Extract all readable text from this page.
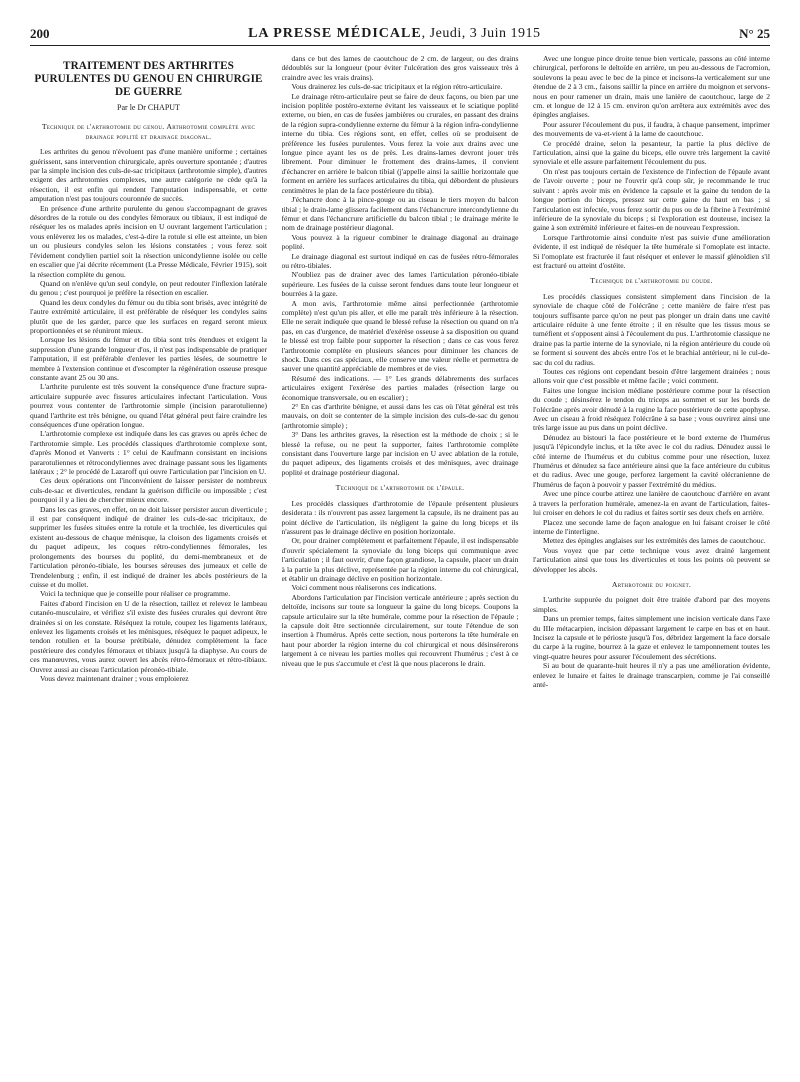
200	LA PRESSE MÉDICALE, Jeudi, 3 Juin 1915	N° 25
TRAITEMENT DES ARTHRITES PURULENTES DU GENOU EN CHIRURGIE DE GUERRE
Par le Dr CHAPUT
Technique de l'arthrotomie du genou. Arthrotomie complète avec drainage poplité et drainage diagonal.

Les arthrites du genou n'évoluent pas d'une manière uniforme ; certaines guérissent, sans intervention chirurgicale, après ouverture spontanée ; d'autres par la simple incision des culs-de-sac tricipitaux (arthrotomie simple), d'autres exigent des arthrotomies complexes, une autre catégorie ne cède qu'à la résection, il est enfin qui rendent l'amputation indispensable, et cette amputation n'est pas toujours couronnée de succès.

En présence d'une arthrite purulente du genou s'accompagnant de graves désordres de la rotule ou des condyles fémoraux ou tibiaux, il est indiqué de réséquer les os malades après incision en U ouvrant largement l'articulation ; vous enlèverez les os malades, c'est-à-dire la rotule si elle est atteinte, un bien un ou plusieurs condyles selon les lésions constatées ; vous ferez soit l'évidement condylien partiel soit la résection unicondylienne isolée ou celle en escalier que j'ai décrite récemment (La Presse Médicale, Février 1915), soit la résection complète du genou.

Quand on n'enlève qu'un seul condyle, on peut redouter l'inflexion latérale du genou ; c'est pourquoi je préfère la résection en escalier.

Quand les deux condyles du fémur ou du tibia sont brisés, avec intégrité de l'autre extrémité articulaire, il est préférable de réséquer les condyles sains plutôt que de les garder, parce que les surfaces en regard seront mieux proportionnées et se réuniront mieux.

Lorsque les lésions du fémur et du tibia sont très étendues et exigent la suppression d'une grande longueur d'os, il n'est pas indispensable de pratiquer l'amputation, il est préférable d'enlever les parties lésées, de soumettre le membre à l'extension continue et d'escompter la régénération osseuse presque constante avant 25 ou 30 ans.

L'arthrite purulente est très souvent la conséquence d'une fracture supra-articulaire suppurée avec fissures articulaires infectant l'articulation. Vous pourrez vous contenter de l'arthrotomie simple (incision pararotulienne) quand l'arthrite est très bénigne, ou quand l'état général peut faire craindre les conséquences d'une opération longue.

L'arthrotomie complexe est indiquée dans les cas graves ou après échec de l'arthrotomie simple. Les procédés classiques d'arthrotomie complexe sont, d'après Monod et Vanverts : 1° celui de Kaufmann consistant en incisions pararotuliennes et rétrocondyliennes avec drainage passant sous les ligaments latéraux ; 2° le procédé de Lazaroff qui ouvre l'articulation par l'incision en U.

Ces deux opérations ont l'inconvénient de laisser persister de nombreux culs-de-sac et diverticules, rendant la guérison difficile ou impossible ; c'est pourquoi il y a lieu de chercher mieux encore.

Dans les cas graves, en effet, on ne doit laisser persister aucun diverticule ; il est par conséquent indiqué de drainer les culs-de-sac tricipitaux, de supprimer les fusées situées entre la rotule et la trochlée, les diverticules qui existent au-dessous de chaque ménisque, la cloison des ligaments croisés et du paquet adipeux, les coques rétro-condyliennes fémorales, les prolongements des bourses du poplité, du demi-membraneux et de l'articulation péronéo-tibiale, les bourses séreuses des jumeaux et celle de Trendelenburg ; enfin, il est indiqué de drainer les abcès postérieurs de la cuisse et du mollet.

Voici la technique que je conseille pour réaliser ce programme.

Faites d'abord l'incision en U de la résection, taillez et relevez le lambeau cutanéo-musculaire, et vérifiez s'il existe des fusées crurales qui devront être drainées si on les constate. Réséquez la rotule, coupez les ligaments latéraux, enlevez les ligaments croisés et les ménisques, réséquez le paquet adipeux, le tendon rotulien et la bourse prétibiale, dénudez complètement la face postérieure des condyles fémoraux et tibiaux jusqu'à la diaphyse. Au cours de ces manœuvres, vous aurez ouvert les abcès rétro-fémoraux et rétro-tibiaux. Ouvrez aussi au ciseau l'articulation péronéo-tibiale.

Vous devez maintenant drainer ; vous emploierez

dans ce but des lames de caoutchouc de 2 cm. de largeur, ou des drains dédoublés sur la longueur (pour éviter l'ulcération des gros vaisseaux très à craindre avec les vrais drains).

Vous drainerez les culs-de-sac tricipitaux et la région rétro-articulaire.

Le drainage rétro-articulaire peut se faire de deux façons, ou bien par une incision poplitée postéro-externe évitant les vaisseaux et le sciatique poplité externe, ou bien, en cas de fusées jambières ou crurales, en passant des drains de la région supra-condylienne externe du fémur à la région infra-condylienne interne du tibia. Ces régions sont, en effet, celles où se produisent de préférence les fusées purulentes. Vous ferez la voie aux drains avec une longue pince ayant les os de près. Les drains-lames devront jouer très librement. Pour diminuer le frottement des drains-lames, il convient d'échancrer en arrière le balcon tibial (j'appelle ainsi la saillie horizontale que forment en arrière les surfaces articulaires du tibia, qui débordent de plusieurs centimètres le plan de la face postérieure du tibia).

J'échancre donc à la pince-gouge ou au ciseau le tiers moyen du balcon tibial ; le drain-lame glissera facilement dans l'échancrure intercondylienne du fémur et dans l'échancrure artificielle du balcon tibial ; le drainage mérite le nom de drainage postérieur diagonal.

Vous pouvez à la rigueur combiner le drainage diagonal au drainage poplité.

Le drainage diagonal est surtout indiqué en cas de fusées rétro-fémorales ou rétro-tibiales.

N'oubliez pas de drainer avec des lames l'articulation péronéo-tibiale supérieure. Les fusées de la cuisse seront fendues dans toute leur longueur et bourrées à la gaze.

A mon avis, l'arthrotomie même ainsi perfectionnée (arthrotomie complète) n'est qu'un pis aller, et elle me paraît très inférieure à la résection. Elle ne serait indiquée que quand le blessé refuse la résection ou quand on n'a pas, en cas d'urgence, de matériel d'exérèse osseuse à sa disposition ou quand le blessé est trop faible pour supporter la résection ; dans ce cas vous ferez l'arthrotomie complète en plusieurs séances pour diminuer les chances de shock. Dans ces cas spéciaux, elle conserve une valeur réelle et permettra de sauver une quantité appréciable de membres et de vies.

Résumé des indications. — 1° Les grands délabrements des surfaces articulaires exigent l'exérèse des parties malades (résection large ou économique transversale, ou en escalier) ;

2° En cas d'arthrite bénigne, et aussi dans les cas où l'état général est très mauvais, on doit se contenter de la simple incision des culs-de-sac du genou (arthrotomie simple) ;

3° Dans les arthrites graves, la résection est la méthode de choix ; si le blessé la refuse, ou ne peut la supporter, faites l'arthrotomie complète consistant dans l'ouverture large par incision en U avec ablation de la rotule, du paquet adipeux, des ligaments croisés et des ménisques, avec drainage poplité et drainage postérieur diagonal.

Technique de l'arthrotomie de l'épaule.

Les procédés classiques d'arthrotomie de l'épaule présentent plusieurs desiderata : ils n'ouvrent pas assez largement la capsule, ils ne drainent pas au point déclive de l'articulation, ils négligent la gaine du long biceps et ils n'assurent pas le drainage déclive en position horizontale.

Or, pour drainer complètement et parfaitement l'épaule, il est indispensable d'ouvrir spécialement la synoviale du long biceps qui communique avec l'articulation ; il faut ouvrir, d'une façon grandiose, la capsule, placer un drain à la partie la plus déclive, représentée par la région interne du col chirurgical, et établir un drainage déclive en position horizontale.

Voici comment nous réaliserons ces indications.

Abordons l'articulation par l'incision verticale antérieure ; après section du deltoïde, incisons sur toute sa longueur la gaine du long biceps. Coupons la capsule articulaire sur la tête humérale, comme pour la résection de l'épaule ; la capsule doit être sectionnée circulairement, sur toute l'étendue de son insertion à l'humérus. Après cette section, nous porterons la tête humérale en haut pour aborder la région interne du col chirurgical et nous désinsérerons largement à ce niveau les parties molles qui recouvrent l'humérus ; c'est à ce niveau que le pus s'accumule et c'est là que nous placerons le drain.

Avec une longue pince droite tenue bien verticale, passons au côté interne chirurgical, perforons le deltoïde en arrière, un peu au-dessous de l'acromion, soulevons la peau avec le bec de la pince et incisons-la verticalement sur une étendue de 2 à 3 cm., faisons saillir la pince en arrière du moignon et servons-nous en pour ramener un drain, mais une lanière de caoutchouc, large de 2 cm. et longue de 12 à 15 cm. environ qu'on arrêtera aux extrémités avec des épingles anglaises.

Pour assurer l'écoulement du pus, il faudra, à chaque pansement, imprimer des mouvements de va-et-vient à la lame de caoutchouc.

Ce procédé draine, selon la pesanteur, la partie la plus déclive de l'articulation, ainsi que la gaine du biceps, elle ouvre très largement la cavité synoviale et elle assure parfaitement l'écoulement du pus.

On n'est pas toujours certain de l'existence de l'infection de l'épaule avant de l'avoir ouverte ; pour ne l'ouvrir qu'à coup sûr, je recommande le truc suivant : après avoir mis en évidence la capsule et la gaine du tendon de la longue portion du biceps, pressez sur cette gaine du haut en bas ; si l'articulation est infectée, vous ferez sortir du pus ou de la fibrine à l'extrémité inférieure de la synoviale du biceps ; si l'exploration est douteuse, incisez la gaine à son extrémité inférieure et faites-en de nouveau l'expression.

Lorsque l'arthrotomie ainsi conduite n'est pas suivie d'une amélioration évidente, il est indiqué de réséquer la tête humérale si l'omoplate est intacte. Si l'omoplate est fracturée il faut réséquer et enlever le massif glénoïdien s'il est fracturé ou atteint d'ostéite.

Technique de l'arthrotomie du coude.

Les procédés classiques consistent simplement dans l'incision de la synoviale de chaque côté de l'olécrâne ; cette manière de faire n'est pas toujours suffisante parce qu'on ne peut pas plonger un drain dans une cavité articulaire réduite à une fente étroite ; il en résulte que les tissus mous se tuméfient et s'opposent ainsi à l'écoulement du pus. L'arthrotomie classique ne draine pas la partie interne de la synoviale, ni la région antérieure du coude où se forment si souvent des abcès entre l'os et le brachial antérieur, ni le cul-de-sac du col du radius.

Toutes ces régions ont cependant besoin d'être largement drainées ; nous allons voir que c'est possible et même facile ; voici comment.

Faites une longue incision médiane postérieure comme pour la résection du coude ; désinsérez le tendon du triceps au sommet et sur les bords de l'olécrâne après avoir dénudé à la rugine la face postérieure de cette apophyse. Avec un ciseau à froid réséquez l'olécrâne à sa base ; vous ouvrirez ainsi une très large issue au pus dans un point déclive.

Dénudez au bistouri la face postérieure et le bord externe de l'humérus jusqu'à l'épicondyle inclus, et la tête avec le col du radius. Dénudez aussi le côté interne de l'humérus et du cubitus comme pour une résection, luxez l'humérus et dénudez sa face antérieure ainsi que la face antérieure du cubitus et du radius. Avec une gouge, perforez largement la cavité olécranienne de l'humérus de façon à pouvoir y passer l'extrémité du médius.

Avec une pince courbe attirez une lanière de caoutchouc d'arrière en avant à travers la perforation humérale, amenez-la en avant de l'articulation, faites-lui croiser en dehors le col du radius et faites sortir ses deux chefs en arrière.

Placez une seconde lame de façon analogue en lui faisant croiser le côté interne de l'interligne.

Mettez des épingles anglaises sur les extrémités des lames de caoutchouc.

Vous voyez que par cette technique vous avez drainé largement l'articulation ainsi que tous les diverticules et tous les points où peuvent se développer les abcès.

Arthrotomie du poignet.

L'arthrite suppurée du poignet doit être traitée d'abord par des moyens simples.

Dans un premier temps, faites simplement une incision verticale dans l'axe du IIIe métacarpien, incision dépassant largement le carpe en bas et en haut. Incisez la capsule et le périoste jusqu'à l'os, débridez largement la face dorsale du carpe à la rugine, bourrez à la gaze et enlevez le tamponnement toutes les vingt-quatre heures pour assurer l'écoulement des sécrétions.

Si au bout de quarante-huit heures il n'y a pas une amélioration évidente, enlevez le lunaire et faites le drainage transcarpien, comme je l'ai conseillé anté-
